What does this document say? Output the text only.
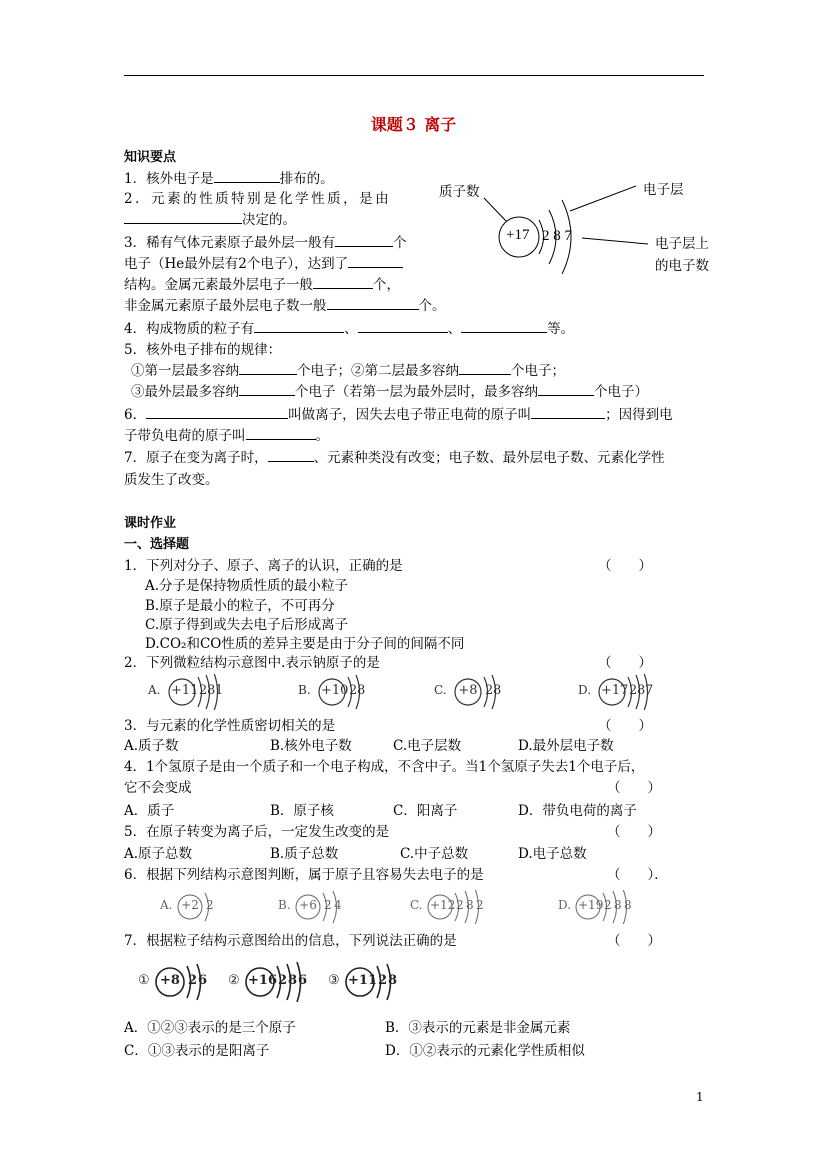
课题３ 离子
知识要点
1．核外电子是	排布的。
2．元素的性质特别是化学性质，是由
决定的。
3．稀有气体元素原子最外层一般有	个
电子（He最外层有2个电子），达到了
结构。金属元素最外层电子一般	个，
非金属元素原子最外层电子数一般	个。
质子数	电子层
电子层上
的电子数
+17 2 8 7
4．构成物质的粒子有	、	、	等。
5．核外电子排布的规律：
①第一层最多容纳	个电子；②第二层最多容纳	个电子；
③最外层最多容纳	个电子（若第一层为最外层时，最多容纳	个电子）
6．	叫做离子，因失去电子带正电荷的原子叫	；因得到电
子带负电荷的原子叫	。
7．原子在变为离子时，	、元素种类没有改变；电子数、最外层电子数、元素化学性
质发生了改变。
课时作业
一、选择题
1．下列对分子、原子、离子的认识，正确的是	（　　）
A.分子是保持物质性质的最小粒子
B.原子是最小的粒子，不可再分
C.原子得到或失去电子后形成离子
D.CO₂和CO性质的差异主要是由于分子间的间隔不同
2．下列微粒结构示意图中.表示钠原子的是	（　　）
A. +11 2 8 1	B. +10 2 8	C. +8 2 8	D. +17 2 8 7
3．与元素的化学性质密切相关的是	（　　）
A.质子数	B.核外电子数	C.电子层数	D.最外层电子数
4．1个氢原子是由一个质子和一个电子构成，不含中子。当1个氢原子失去1个电子后，
它不会变成	（　　）
A．质子	B．原子核	C．阳离子	D．带负电荷的离子
5．在原子转变为离子后，一定发生改变的是	（　　）
A.原子总数	B.质子总数	C.中子总数	D.电子总数
6．根据下列结构示意图判断，属于原子且容易失去电子的是	（　　）．
A. +2 2	B. +6 2 4	C. +12 2 8 2	D. +19 2 8 8
7．根据粒子结构示意图给出的信息，下列说法正确的是	（　　）
① +8 2 6 ② +16 2 8 6 ③ +11 2 8
A．①②③表示的是三个原子	B．③表示的元素是非金属元素
C．①③表示的是阳离子	D．①②表示的元素化学性质相似
1
